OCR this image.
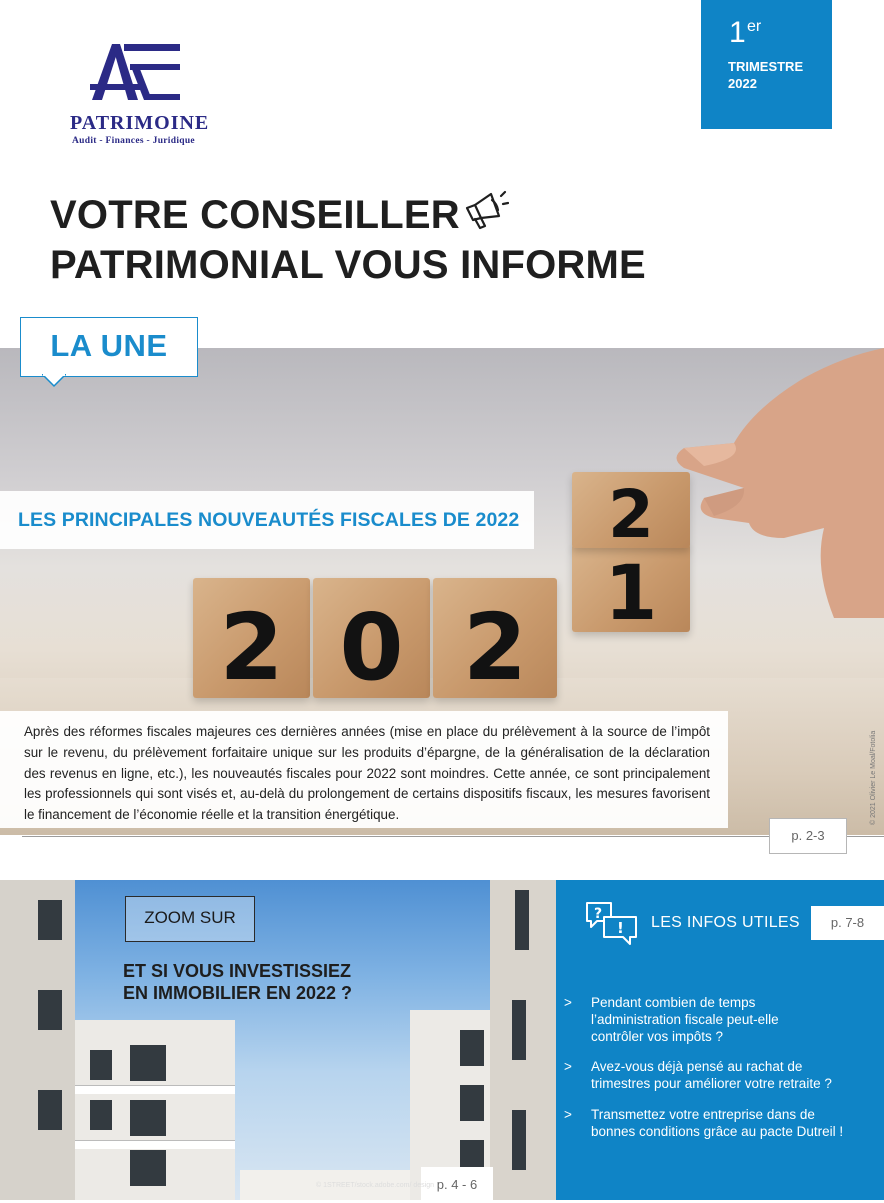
PATRIMOINE
Audit - Finances - Juridique
1 er
TRIMESTRE
2022
VOTRE CONSEILLER
PATRIMONIAL VOUS INFORME
2 0 2
1
2
LA UNE
LES PRINCIPALES NOUVEAUTÉS FISCALES DE 2022
Après des réformes fiscales majeures ces dernières années (mise en place du prélèvement à la source de l’impôt sur le revenu, du prélèvement forfaitaire unique sur les produits d’épargne, de la généralisation de la déclaration des revenus en ligne, etc.), les nouveautés fiscales pour 2022 sont moindres. Cette année, ce sont principalement les professionnels qui sont visés et, au-delà du prolongement de certains dispositifs fiscaux, les mesures favorisent le financement de l’économie réelle et la transition énergétique.
p. 2-3
© 2021 Olivier Le Moal/Fotolia
ZOOM SUR
ET SI VOUS INVESTISSIEZ
EN IMMOBILIER EN 2022 ?
p. 4 - 6
© 1STREET/stock.adobe.com/ design
?
! LES INFOS UTILES	p. 7-8
> Pendant combien de temps
l’administration fiscale peut-elle
contrôler vos impôts ?
> Avez-vous déjà pensé au rachat de
trimestres pour améliorer votre retraite ?
> Transmettez votre entreprise dans de
bonnes conditions grâce au pacte Dutreil !
